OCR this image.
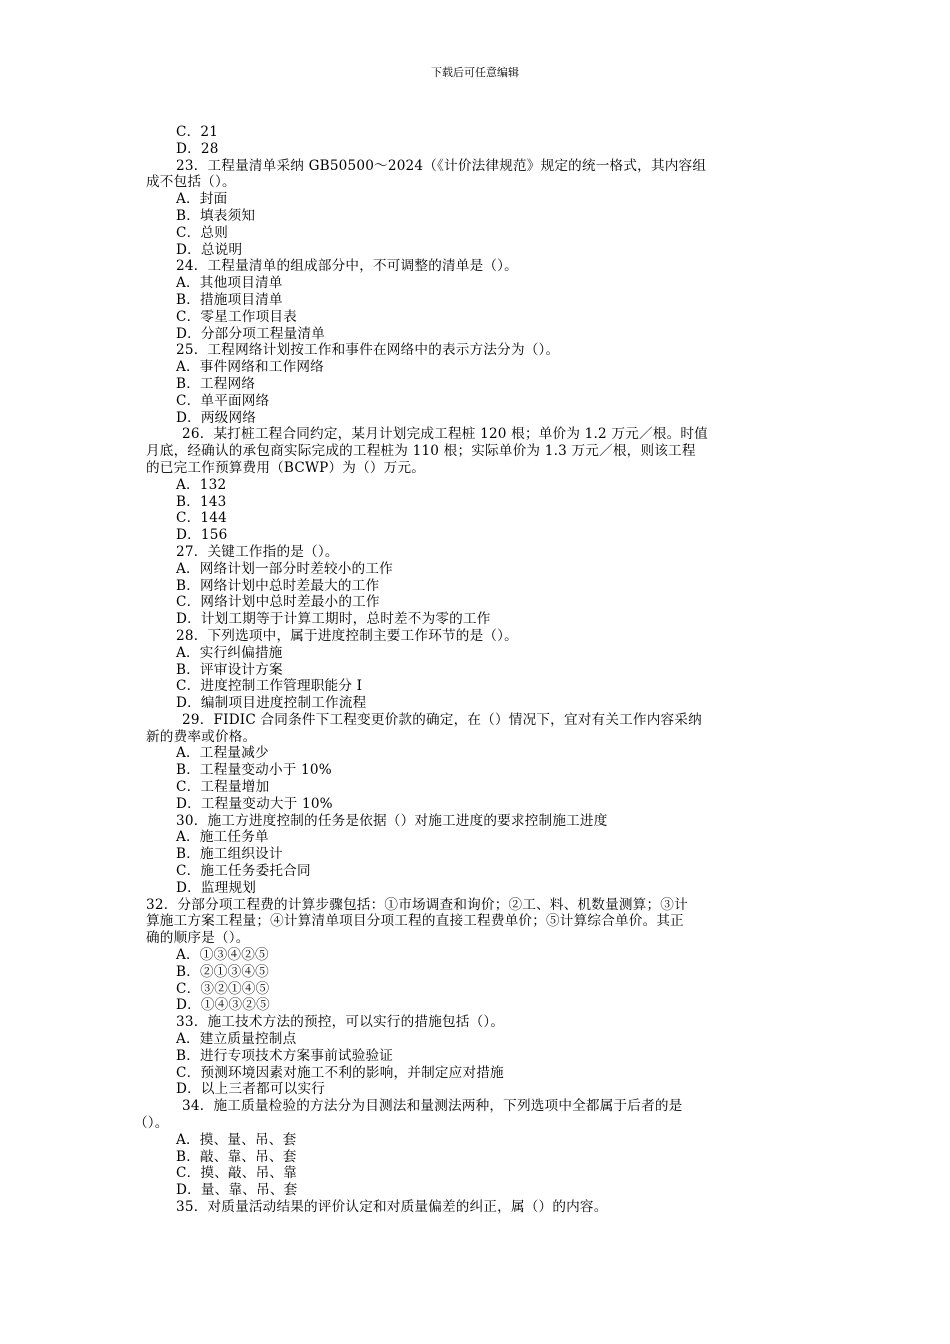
下载后可任意编辑
C．21
D．28
23．工程量清单采纳 GB50500～2024（《计价法律规范》规定的统一格式，其内容组
成不包括（）。
A．封面
B．填表须知
C．总则
D．总说明
24．工程量清单的组成部分中，不可调整的清单是（）。
A．其他项目清单
B．措施项目清单
C．零星工作项目表
D．分部分项工程量清单
25．工程网络计划按工作和事件在网络中的表示方法分为（）。
A．事件网络和工作网络
B．工程网络
C．单平面网络
D．两级网络
26．某打桩工程合同约定，某月计划完成工程桩 120 根；单价为 1.2 万元／根。时值
月底，经确认的承包商实际完成的工程桩为 110 根；实际单价为 1.3 万元／根，则该工程
的已完工作预算费用（BCWP）为（）万元。
A．132
B．143
C．144
D．156
27．关键工作指的是（）。
A．网络计划一部分时差较小的工作
B．网络计划中总时差最大的工作
C．网络计划中总时差最小的工作
D．计划工期等于计算工期时，总时差不为零的工作
28．下列选项中，属于进度控制主要工作环节的是（）。
A．实行纠偏措施
B．评审设计方案
C．进度控制工作管理职能分 I
D．编制项目进度控制工作流程
29．FIDIC 合同条件下工程变更价款的确定，在（）情况下，宜对有关工作内容采纳
新的费率或价格。
A．工程量减少
B．工程量变动小于 10%
C．工程量增加
D．工程量变动大于 10%
30．施工方进度控制的任务是依据（）对施工进度的要求控制施工进度
A．施工任务单
B．施工组织设计
C．施工任务委托合同
D．监理规划
32．分部分项工程费的计算步骤包括：①市场调查和询价；②工、料、机数量测算；③计
算施工方案工程量；④计算清单项目分项工程的直接工程费单价；⑤计算综合单价。其正
确的顺序是（）。
A．①③④②⑤
B．②①③④⑤
C．③②①④⑤
D．①④③②⑤
33．施工技术方法的预控，可以实行的措施包括（）。
A．建立质量控制点
B．进行专项技术方案事前试验验证
C．预测环境因素对施工不利的影响，并制定应对措施
D．以上三者都可以实行
34．施工质量检验的方法分为目测法和量测法两种，下列选项中全都属于后者的是
（）。
A．摸、量、吊、套
B．敲、靠、吊、套
C．摸、敲、吊、靠
D．量、靠、吊、套
35．对质量活动结果的评价认定和对质量偏差的纠正，属（）的内容。
